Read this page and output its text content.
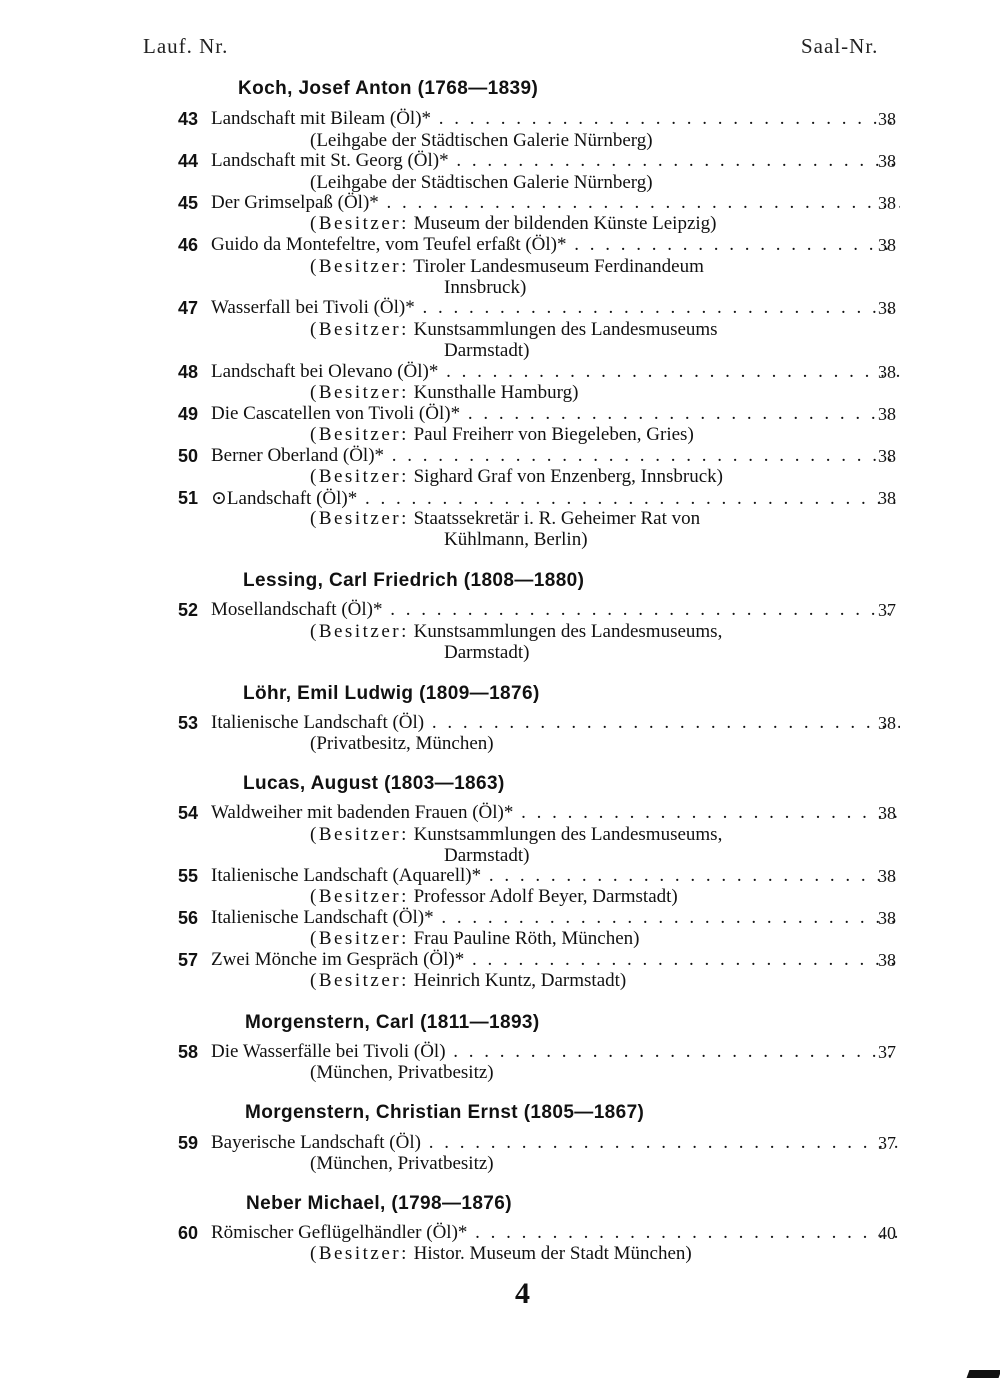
Lauf. Nr.	Saal-Nr.
Koch, Josef Anton (1768—1839)
43 Landschaft mit Bileam (Öl)* . . .	38
(Leihgabe der Städtischen Galerie Nürnberg)
44 Landschaft mit St. Georg (Öl)* . . .	38
(Leihgabe der Städtischen Galerie Nürnberg)
45 Der Grimselpaß (Öl)* . . .	38
(Besitzer: Museum der bildenden Künste Leipzig)
46 Guido da Montefeltre, vom Teufel erfaßt (Öl)* . . .	38
(Besitzer: Tiroler Landesmuseum Ferdinandeum
Innsbruck)
47 Wasserfall bei Tivoli (Öl)* . . .	38
(Besitzer: Kunstsammlungen des Landesmuseums
Darmstadt)
48 Landschaft bei Olevano (Öl)* . . .	38
(Besitzer: Kunsthalle Hamburg)
49 Die Cascatellen von Tivoli (Öl)* . . .	38
(Besitzer: Paul Freiherr von Biegeleben, Gries)
50 Berner Oberland (Öl)* . . .	38
(Besitzer: Sighard Graf von Enzenberg, Innsbruck)
51 ⊙Landschaft (Öl)* . . .	38
(Besitzer: Staatssekretär i. R. Geheimer Rat von
Kühlmann, Berlin)
Lessing, Carl Friedrich (1808—1880)
52 Mosellandschaft (Öl)* . . .	37
(Besitzer: Kunstsammlungen des Landesmuseums,
Darmstadt)
Löhr, Emil Ludwig (1809—1876)
53 Italienische Landschaft (Öl) . . .	38
(Privatbesitz, München)
Lucas, August (1803—1863)
54 Waldweiher mit badenden Frauen (Öl)* . . .	38
(Besitzer: Kunstsammlungen des Landesmuseums,
Darmstadt)
55 Italienische Landschaft (Aquarell)* . . .	38
(Besitzer: Professor Adolf Beyer, Darmstadt)
56 Italienische Landschaft (Öl)* . . .	38
(Besitzer: Frau Pauline Röth, München)
57 Zwei Mönche im Gespräch (Öl)* . . .	38
(Besitzer: Heinrich Kuntz, Darmstadt)
Morgenstern, Carl (1811—1893)
58 Die Wasserfälle bei Tivoli (Öl) . . .	37
(München, Privatbesitz)
Morgenstern, Christian Ernst (1805—1867)
59 Bayerische Landschaft (Öl) . . .	37
(München, Privatbesitz)
Neber Michael, (1798—1876)
60 Römischer Geflügelhändler (Öl)* . . .	40
(Besitzer: Histor. Museum der Stadt München)
4
